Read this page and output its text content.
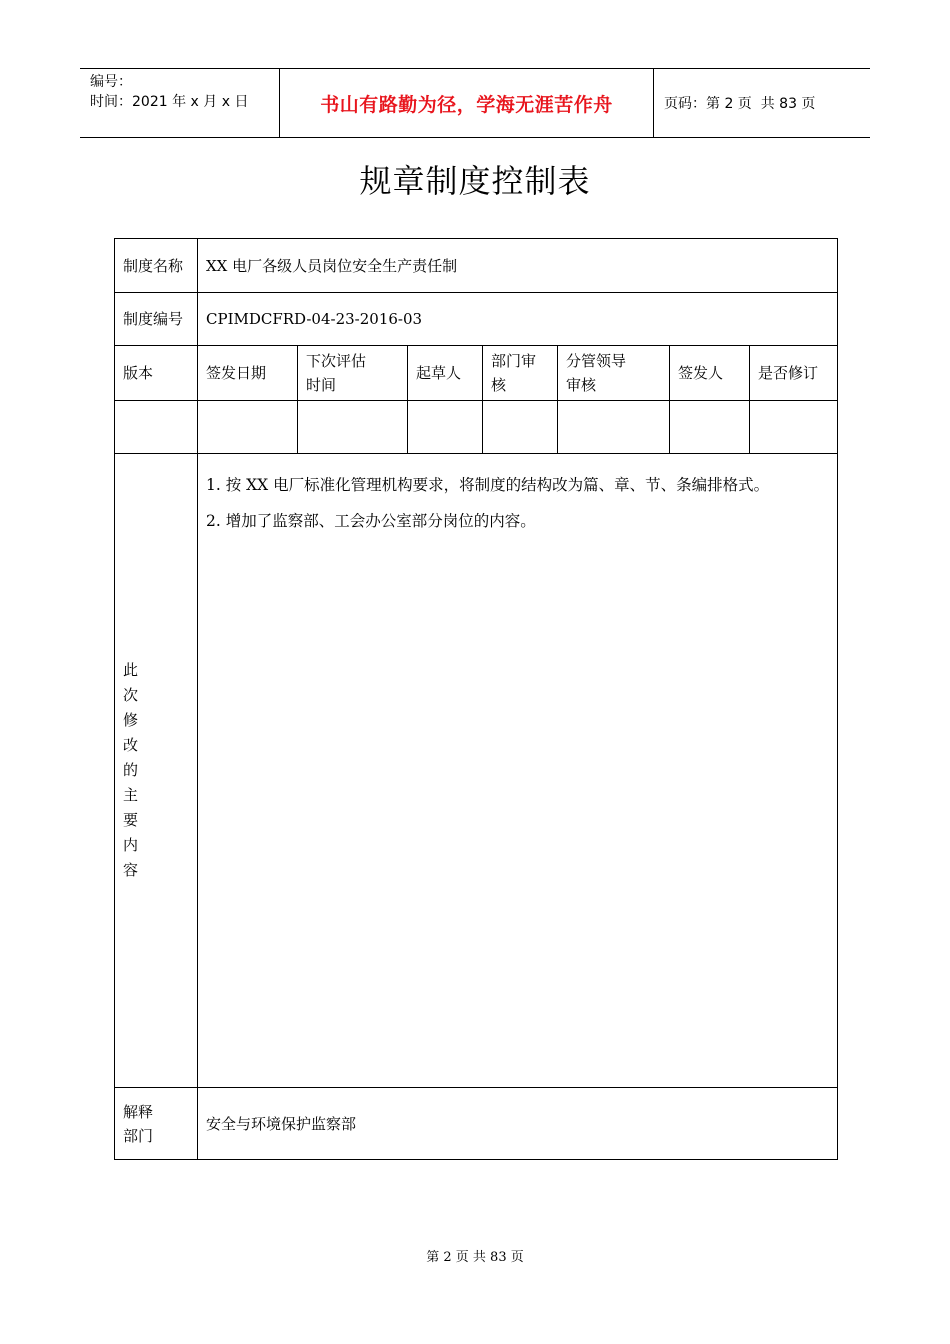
编号：
时间：2021 年 x 月 x 日	书山有路勤为径，学海无涯苦作舟	页码：第 2 页  共 83 页
规章制度控制表
制度名称	XX 电厂各级人员岗位安全生产责任制						

制度编号	CPIMDCFRD-04-23-2016-03						
版本	签发日期	下次评估时间	起草人	部门审核	分管领导审核	签发人	是否修订

此次修改的主要内容	1. 按 XX 电厂标准化管理机构要求，将制度的结构改为篇、章、节、条编排格式。

2. 增加了监察部、工会办公室部分岗位的内容。						

解释部门	安全与环境保护监察部						
第 2 页 共 83 页
